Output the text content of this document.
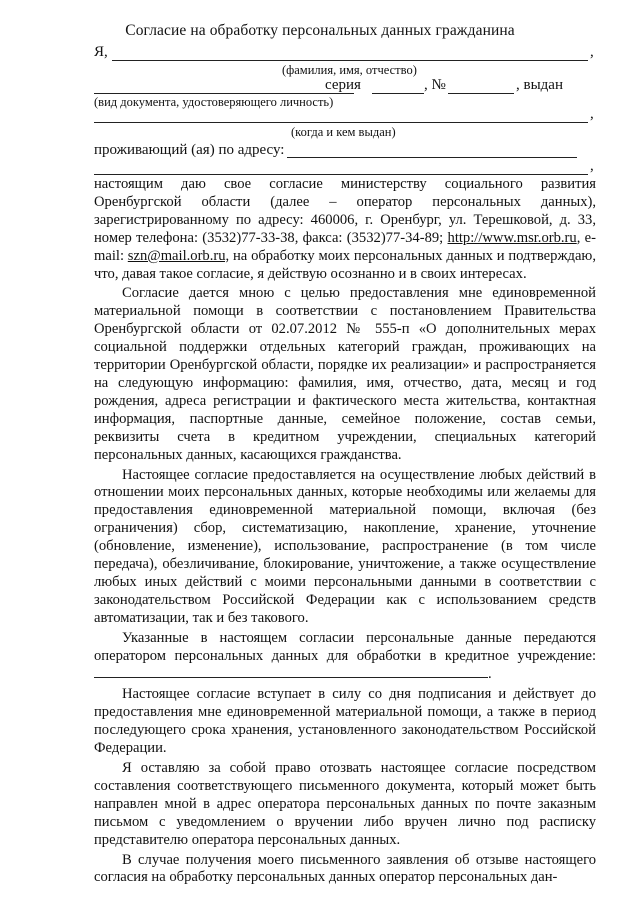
Согласие на обработку персональных данных гражданина
Я,	,
(фамилия, имя, отчество)
серия	, №	, выдан
(вид документа, удостоверяющего личность)
,
(когда и кем выдан)
проживающий (ая) по адресу:
,

настоящим даю свое согласие министерству социального развития Оренбургской области (далее – оператор персональных данных), зарегистрированному по адресу: 460006, г. Оренбург, ул. Терешковой, д. 33, номер телефона: (3532)77-33-38, факса: (3532)77-34-89; http://www.msr.orb.ru, e-mail: szn@mail.orb.ru, на обработку моих персональных данных и подтверждаю, что, давая такое согласие, я действую осознанно и в своих интересах.

Согласие дается мною с целью предоставления мне единовременной материальной помощи в соответствии с постановлением Правительства Оренбургской области от 02.07.2012 № 555-п «О дополнительных мерах социальной поддержки отдельных категорий граждан, проживающих на территории Оренбургской области, порядке их реализации» и распространяется на следующую информацию: фамилия, имя, отчество, дата, месяц и год рождения, адреса регистрации и фактического места жительства, контактная информация, паспортные данные, семейное положение, состав семьи, реквизиты счета в кредитном учреждении, специальных категорий персональных данных, касающихся гражданства.

Настоящее согласие предоставляется на осуществление любых действий в отношении моих персональных данных, которые необходимы или желаемы для предоставления единовременной материальной помощи, включая (без ограничения) сбор, систематизацию, накопление, хранение, уточнение (обновление, изменение), использование, распространение (в том числе передача), обезличивание, блокирование, уничтожение, а также осуществление любых иных действий с моими персональными данными в соответствии с законодательством Российской Федерации как с использованием средств автоматизации, так и без такового.

Указанные в настоящем согласии персональные данные передаются оператором персональных данных для обработки в кредитное учреждение: .

Настоящее согласие вступает в силу со дня подписания и действует до предоставления мне единовременной материальной помощи, а также в период последующего срока хранения, установленного законодательством Российской Федерации.

Я оставляю за собой право отозвать настоящее согласие посредством составления соответствующего письменного документа, который может быть направлен мной в адрес оператора персональных данных по почте заказным письмом с уведомлением о вручении либо вручен лично под расписку представителю оператора персональных данных.

В случае получения моего письменного заявления об отзыве настоящего согласия на обработку персональных данных оператор персональных дан-
